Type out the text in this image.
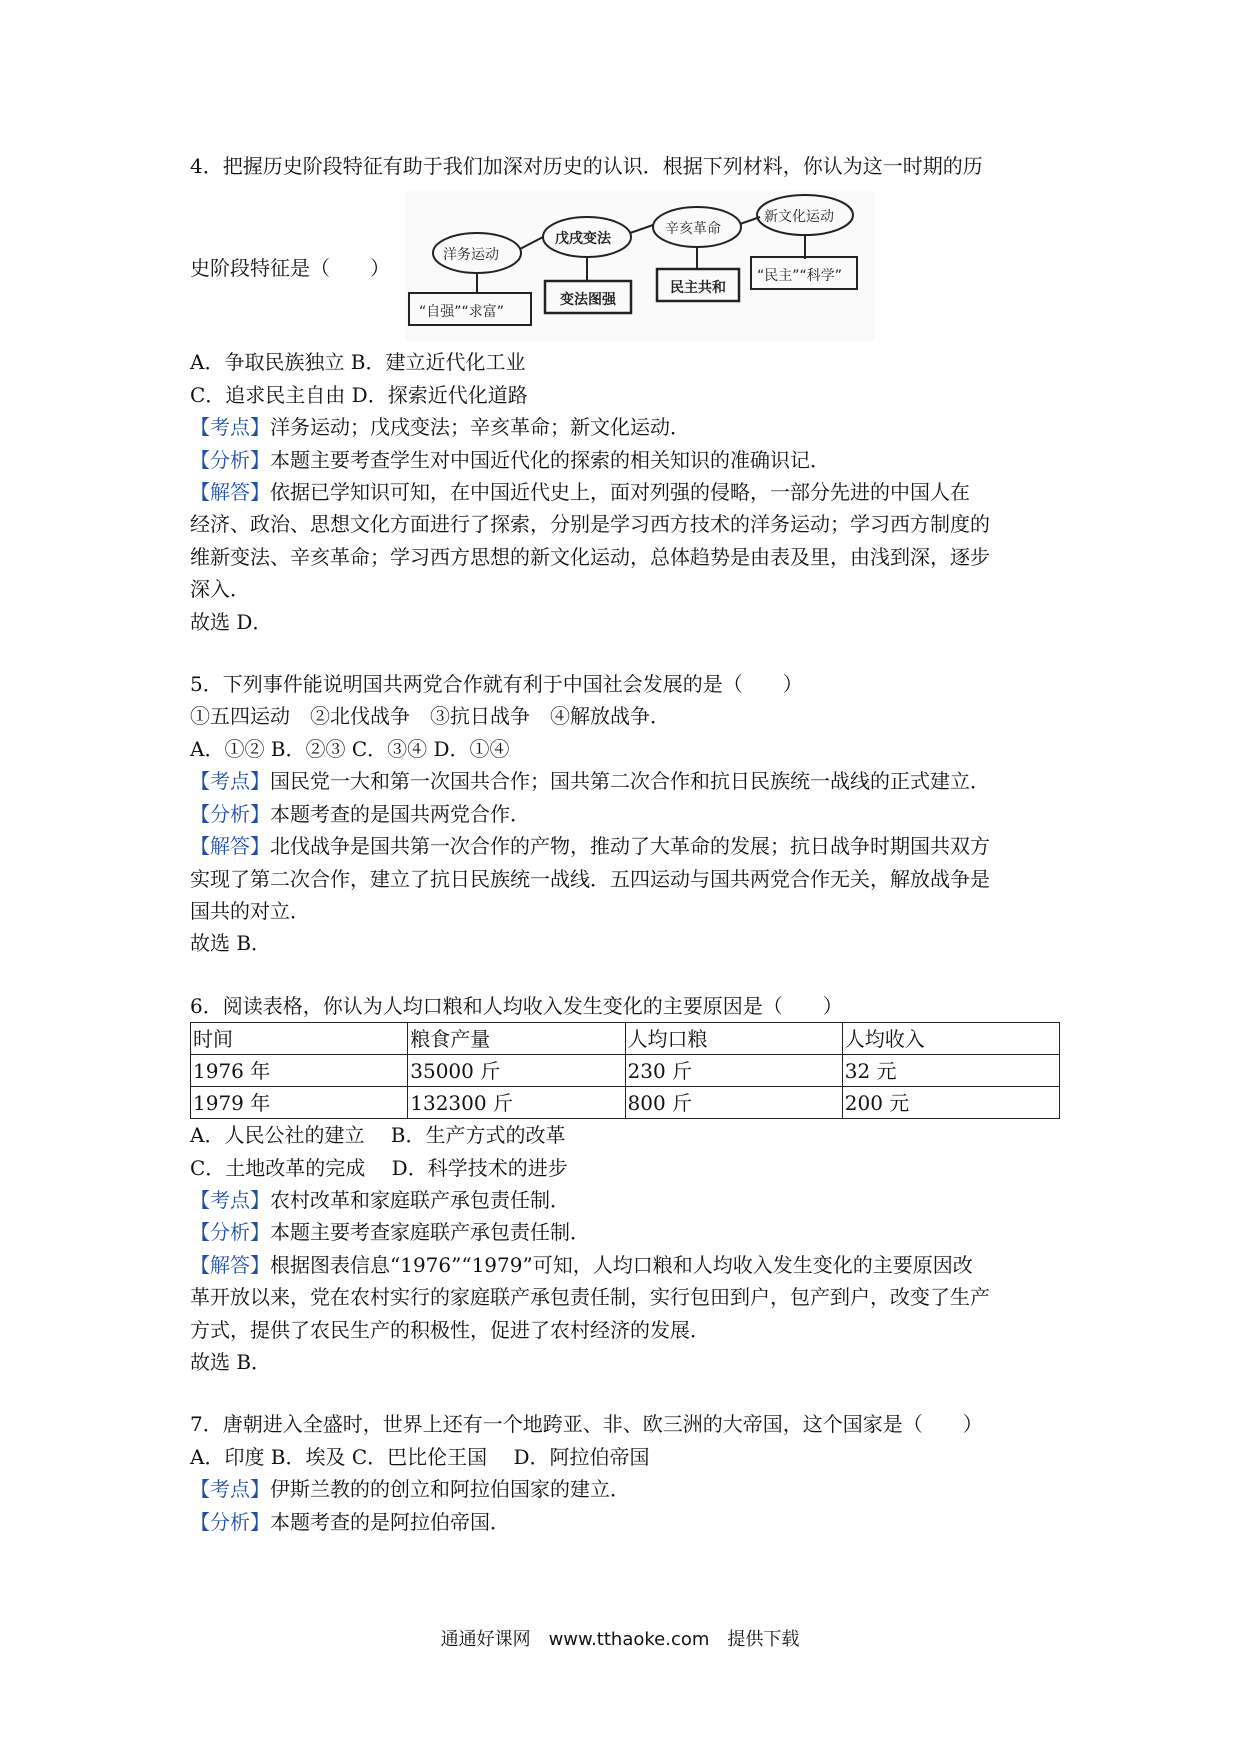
4．把握历史阶段特征有助于我们加深对历史的认识．根据下列材料，你认为这一时期的历
史阶段特征是（　　）
洋务运动
戊戌变法
辛亥革命
新文化运动
“自强”“求富”
变法图强
民主共和
“民主”“科学”
A．争取民族独立 B．建立近代化工业
C．追求民主自由 D．探索近代化道路
【考点】洋务运动；戊戌变法；辛亥革命；新文化运动．
【分析】本题主要考查学生对中国近代化的探索的相关知识的准确识记．
【解答】依据已学知识可知，在中国近代史上，面对列强的侵略，一部分先进的中国人在
经济、政治、思想文化方面进行了探索，分别是学习西方技术的洋务运动；学习西方制度的
维新变法、辛亥革命；学习西方思想的新文化运动，总体趋势是由表及里，由浅到深，逐步
深入．
故选 D．
5．下列事件能说明国共两党合作就有利于中国社会发展的是（　　）
①五四运动　②北伐战争　③抗日战争　④解放战争．
A．①② B．②③ C．③④ D．①④
【考点】国民党一大和第一次国共合作；国共第二次合作和抗日民族统一战线的正式建立．
【分析】本题考查的是国共两党合作．
【解答】北伐战争是国共第一次合作的产物，推动了大革命的发展；抗日战争时期国共双方
实现了第二次合作，建立了抗日民族统一战线．五四运动与国共两党合作无关，解放战争是
国共的对立．
故选 B．
6．阅读表格，你认为人均口粮和人均收入发生变化的主要原因是（　　）
时间	粮食产量	人均口粮	人均收入
1976 年	35000 斤	230 斤	32 元
1979 年	132300 斤	800 斤	200 元
A．人民公社的建立　 B．生产方式的改革
C．土地改革的完成　 D．科学技术的进步
【考点】农村改革和家庭联产承包责任制．
【分析】本题主要考查家庭联产承包责任制．
【解答】根据图表信息“1976”“1979”可知，人均口粮和人均收入发生变化的主要原因改
革开放以来，党在农村实行的家庭联产承包责任制，实行包田到户，包产到户，改变了生产
方式，提供了农民生产的积极性，促进了农村经济的发展．
故选 B．
7．唐朝进入全盛时，世界上还有一个地跨亚、非、欧三洲的大帝国，这个国家是（　　）
A．印度 B．埃及 C．巴比伦王国　 D．阿拉伯帝国
【考点】伊斯兰教的的创立和阿拉伯国家的建立．
【分析】本题考查的是阿拉伯帝国．
通通好课网　www.tthaoke.com　提供下载
